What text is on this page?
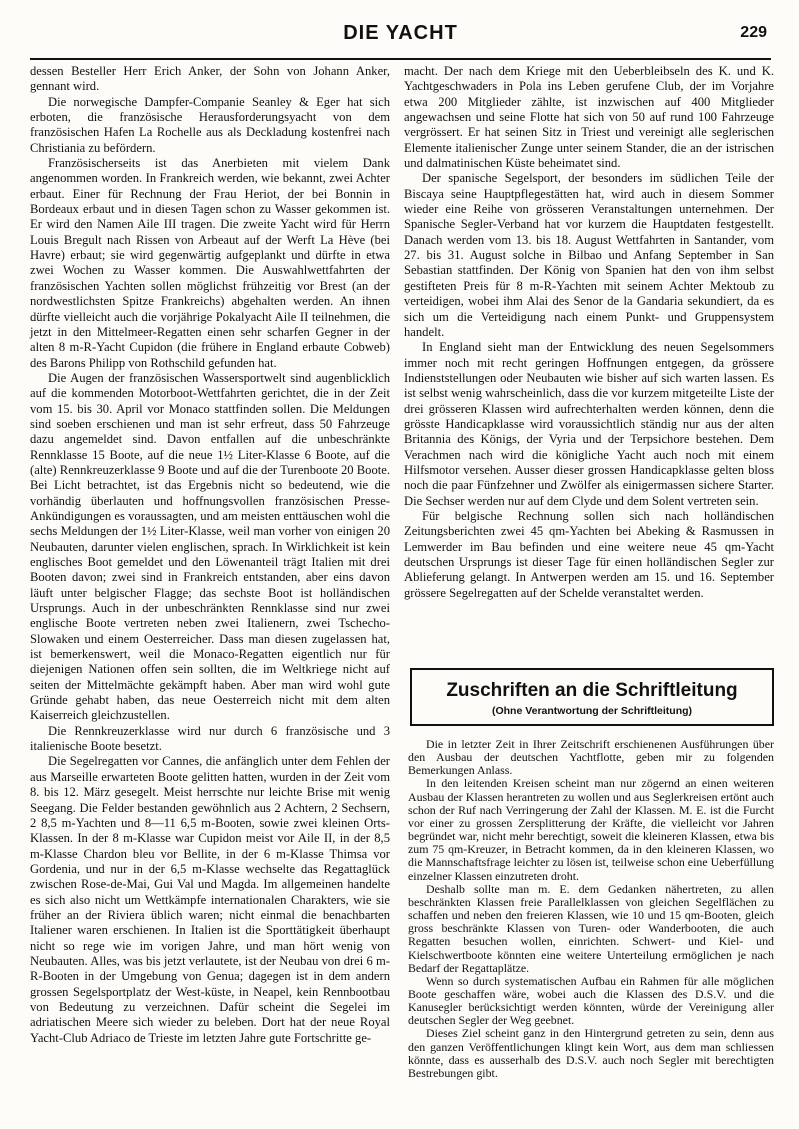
DIE YACHT	229

dessen Besteller Herr Erich Anker, der Sohn von Johann Anker, gennant wird.

Die norwegische Dampfer-Companie Seanley & Eger hat sich erboten, die französische Herausforderungsyacht von dem französischen Hafen La Rochelle aus als Deckladung kostenfrei nach Christiania zu befördern.

Französischerseits ist das Anerbieten mit vielem Dank angenommen worden. In Frankreich werden, wie bekannt, zwei Achter erbaut. Einer für Rechnung der Frau Heriot, der bei Bonnin in Bordeaux erbaut und in diesen Tagen schon zu Wasser gekommen ist. Er wird den Namen Aile III tragen. Die zweite Yacht wird für Herrn Louis Bregult nach Rissen von Arbeaut auf der Werft La Hève (bei Havre) erbaut; sie wird gegenwärtig aufgeplankt und dürfte in etwa zwei Wochen zu Wasser kommen. Die Auswahlwettfahrten der französischen Yachten sollen möglichst frühzeitig vor Brest (an der nordwestlichsten Spitze Frankreichs) abgehalten werden. An ihnen dürfte vielleicht auch die vorjährige Pokalyacht Aile II teilnehmen, die jetzt in den Mittelmeer-Regatten einen sehr scharfen Gegner in der alten 8 m-R-Yacht Cupidon (die frühere in England erbaute Cobweb) des Barons Philipp von Rothschild gefunden hat.

Die Augen der französischen Wassersportwelt sind augenblicklich auf die kommenden Motorboot-Wettfahrten gerichtet, die in der Zeit vom 15. bis 30. April vor Monaco stattfinden sollen. Die Meldungen sind soeben erschienen und man ist sehr erfreut, dass 50 Fahrzeuge dazu angemeldet sind. Davon entfallen auf die unbeschränkte Rennklasse 15 Boote, auf die neue 1½ Liter-Klasse 6 Boote, auf die (alte) Rennkreuzerklasse 9 Boote und auf die der Turenboote 20 Boote. Bei Licht betrachtet, ist das Ergebnis nicht so bedeutend, wie die vorhändig überlauten und hoffnungsvollen französischen Presse-Ankündigungen es voraussagten, und am meisten enttäuschen wohl die sechs Meldungen der 1½ Liter-Klasse, weil man vorher von einigen 20 Neubauten, darunter vielen englischen, sprach. In Wirklichkeit ist kein englisches Boot gemeldet und den Löwenanteil trägt Italien mit drei Booten davon; zwei sind in Frankreich entstanden, aber eins davon läuft unter belgischer Flagge; das sechste Boot ist holländischen Ursprungs. Auch in der unbeschränkten Rennklasse sind nur zwei englische Boote vertreten neben zwei Italienern, zwei Tschecho-Slowaken und einem Oesterreicher. Dass man diesen zugelassen hat, ist bemerkenswert, weil die Monaco-Regatten eigentlich nur für diejenigen Nationen offen sein sollten, die im Weltkriege nicht auf seiten der Mittelmächte gekämpft haben. Aber man wird wohl gute Gründe gehabt haben, das neue Oesterreich nicht mit dem alten Kaiserreich gleichzustellen.

Die Rennkreuzerklasse wird nur durch 6 französische und 3 italienische Boote besetzt.

Die Segelregatten vor Cannes, die anfänglich unter dem Fehlen der aus Marseille erwarteten Boote gelitten hatten, wurden in der Zeit vom 8. bis 12. März gesegelt. Meist herrschte nur leichte Brise mit wenig Seegang. Die Felder bestanden gewöhnlich aus 2 Achtern, 2 Sechsern, 2 8,5 m-Yachten und 8—11 6,5 m-Booten, sowie zwei kleinen Orts-Klassen. In der 8 m-Klasse war Cupidon meist vor Aile II, in der 8,5 m-Klasse Chardon bleu vor Bellite, in der 6 m-Klasse Thimsa vor Gordenia, und nur in der 6,5 m-Klasse wechselte das Regattaglück zwischen Rose-de-Mai, Gui Val und Magda. Im allgemeinen handelte es sich also nicht um Wettkämpfe internationalen Charakters, wie sie früher an der Riviera üblich waren; nicht einmal die benachbarten Italiener waren erschienen. In Italien ist die Sporttätigkeit überhaupt nicht so rege wie im vorigen Jahre, und man hört wenig von Neubauten. Alles, was bis jetzt verlautete, ist der Neubau von drei 6 m-R-Booten in der Umgebung von Genua; dagegen ist in dem andern grossen Segelsportplatz der West-küste, in Neapel, kein Rennbootbau von Bedeutung zu verzeichnen. Dafür scheint die Segelei im adriatischen Meere sich wieder zu beleben. Dort hat der neue Royal Yacht-Club Adriaco de Trieste im letzten Jahre gute Fortschritte ge-

macht. Der nach dem Kriege mit den Ueberbleibseln des K. und K. Yachtgeschwaders in Pola ins Leben gerufene Club, der im Vorjahre etwa 200 Mitglieder zählte, ist inzwischen auf 400 Mitglieder angewachsen und seine Flotte hat sich von 50 auf rund 100 Fahrzeuge vergrössert. Er hat seinen Sitz in Triest und vereinigt alle seglerischen Elemente italienischer Zunge unter seinem Stander, die an der istrischen und dalmatinischen Küste beheimatet sind.

Der spanische Segelsport, der besonders im südlichen Teile der Biscaya seine Hauptpflegestätten hat, wird auch in diesem Sommer wieder eine Reihe von grösseren Veranstaltungen unternehmen. Der Spanische Segler-Verband hat vor kurzem die Hauptdaten festgestellt. Danach werden vom 13. bis 18. August Wettfahrten in Santander, vom 27. bis 31. August solche in Bilbao und Anfang September in San Sebastian stattfinden. Der König von Spanien hat den von ihm selbst gestifteten Preis für 8 m-R-Yachten mit seinem Achter Mektoub zu verteidigen, wobei ihm Alai des Senor de la Gandaria sekundiert, da es sich um die Verteidigung nach einem Punkt- und Gruppensystem handelt.

In England sieht man der Entwicklung des neuen Segelsommers immer noch mit recht geringen Hoffnungen entgegen, da grössere Indienststellungen oder Neubauten wie bisher auf sich warten lassen. Es ist selbst wenig wahrscheinlich, dass die vor kurzem mitgeteilte Liste der drei grösseren Klassen wird aufrechterhalten werden können, denn die grösste Handicapklasse wird voraussichtlich ständig nur aus der alten Britannia des Königs, der Vyria und der Terpsichore bestehen. Dem Verachmen nach wird die königliche Yacht auch noch mit einem Hilfsmotor versehen. Ausser dieser grossen Handicapklasse gelten bloss noch die paar Fünfzehner und Zwölfer als einigermassen sichere Starter. Die Sechser werden nur auf dem Clyde und dem Solent vertreten sein.

Für belgische Rechnung sollen sich nach holländischen Zeitungsberichten zwei 45 qm-Yachten bei Abeking & Rasmussen in Lemwerder im Bau befinden und eine weitere neue 45 qm-Yacht deutschen Ursprungs ist dieser Tage für einen holländischen Segler zur Ablieferung gelangt. In Antwerpen werden am 15. und 16. September grössere Segelregatten auf der Schelde veranstaltet werden.

Zuschriften an die Schriftleitung
(Ohne Verantwortung der Schriftleitung)

Die in letzter Zeit in Ihrer Zeitschrift erschienenen Ausführungen über den Ausbau der deutschen Yachtflotte, geben mir zu folgenden Bemerkungen Anlass.

In den leitenden Kreisen scheint man nur zögernd an einen weiteren Ausbau der Klassen herantreten zu wollen und aus Seglerkreisen ertönt auch schon der Ruf nach Verringerung der Zahl der Klassen. M. E. ist die Furcht vor einer zu grossen Zersplitterung der Kräfte, die vielleicht vor Jahren begründet war, nicht mehr berechtigt, soweit die kleineren Klassen, etwa bis zum 75 qm-Kreuzer, in Betracht kommen, da in den kleineren Klassen, wo die Mannschaftsfrage leichter zu lösen ist, teilweise schon eine Ueberfüllung einzelner Klassen einzutreten droht.

Deshalb sollte man m. E. dem Gedanken nähertreten, zu allen beschränkten Klassen freie Parallelklassen von gleichen Segelflächen zu schaffen und neben den freieren Klassen, wie 10 und 15 qm-Booten, gleich gross beschränkte Klassen von Turen- oder Wanderbooten, die auch Regatten besuchen wollen, einrichten. Schwert- und Kiel- und Kielschwertboote könnten eine weitere Unterteilung ermöglichen je nach Bedarf der Regattaplätze.

Wenn so durch systematischen Aufbau ein Rahmen für alle möglichen Boote geschaffen wäre, wobei auch die Klassen des D.S.V. und die Kanusegler berücksichtigt werden könnten, würde der Vereinigung aller deutschen Segler der Weg geebnet.

Dieses Ziel scheint ganz in den Hintergrund getreten zu sein, denn aus den ganzen Veröffentlichungen klingt kein Wort, aus dem man schliessen könnte, dass es ausserhalb des D.S.V. auch noch Segler mit berechtigten Bestrebungen gibt.
